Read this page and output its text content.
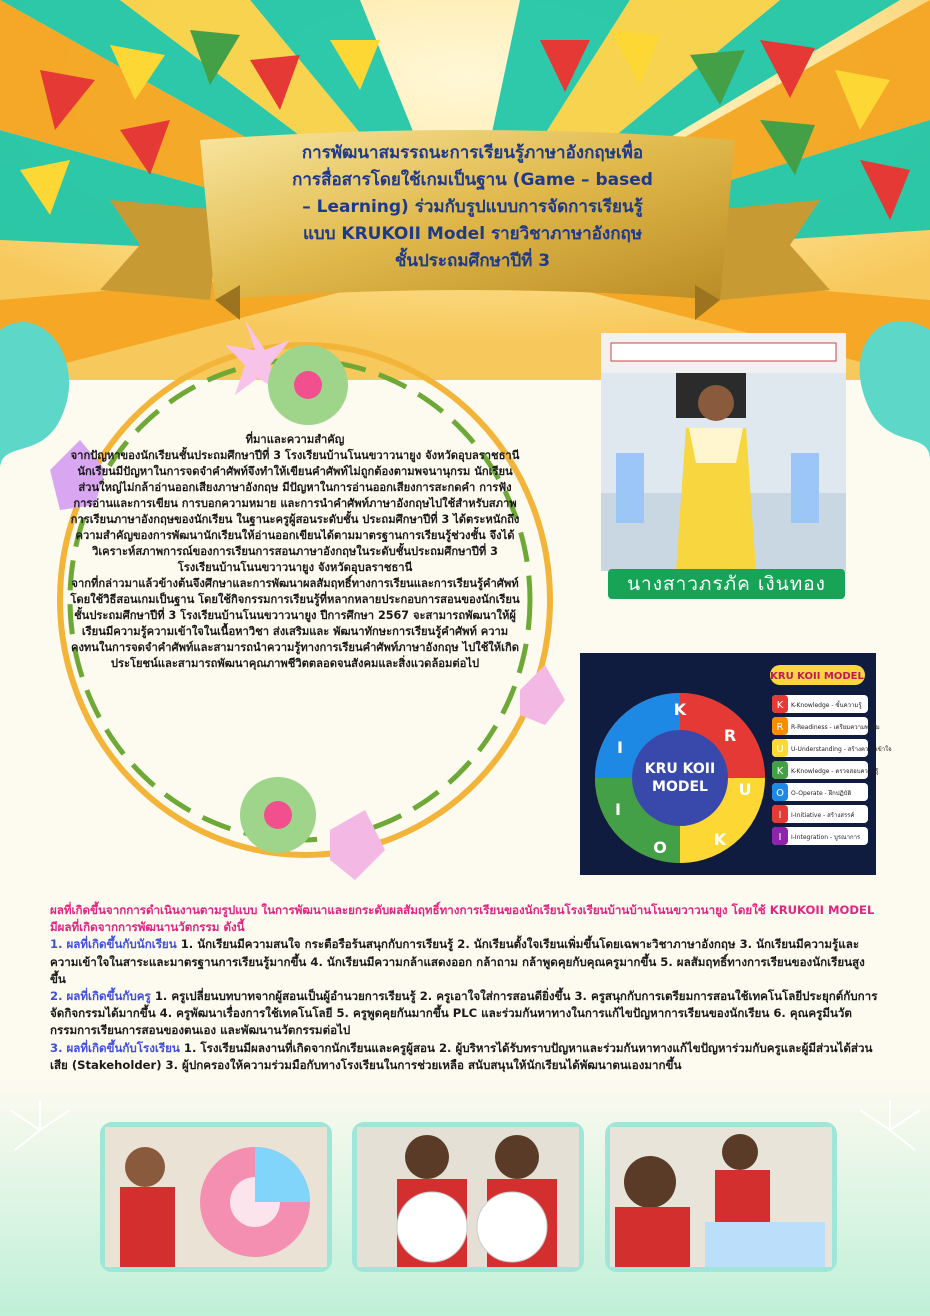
การพัฒนาสมรรถนะการเรียนรู้ภาษาอังกฤษเพื่อ
การสื่อสารโดยใช้เกมเป็นฐาน (Game – based
– Learning) ร่วมกับรูปแบบการจัดการเรียนรู้
แบบ KRUKOII Model รายวิชาภาษาอังกฤษ
ชั้นประถมศึกษาปีที่ 3
ที่มาและความสำคัญ

จากปัญหาของนักเรียนชั้นประถมศึกษาปีที่ 3 โรงเรียนบ้านโนนขวาวนายูง จังหวัดอุบลราชธานี นักเรียนมีปัญหาในการจดจำคำศัพท์จึงทำให้เขียนคำศัพท์ไม่ถูกต้องตามพจนานุกรม นักเรียนส่วนใหญ่ไม่กล้าอ่านออกเสียงภาษาอังกฤษ มีปัญหาในการอ่านออกเสียงการสะกดคำ การฟัง การอ่านและการเขียน การบอกความหมาย และการนำคำศัพท์ภาษาอังกฤษไปใช้สำหรับสภาพการเรียนภาษาอังกฤษของนักเรียน ในฐานะครูผู้สอนระดับชั้น ประถมศึกษาปีที่ 3 ได้ตระหนักถึงความสำคัญของการพัฒนานักเรียนให้อ่านออกเขียนได้ตามมาตรฐานการเรียนรู้ช่วงชั้น จึงได้วิเคราะห์สภาพการณ์ของการเรียนการสอนภาษาอังกฤษในระดับชั้นประถมศึกษาปีที่ 3 โรงเรียนบ้านโนนขวาวนายูง จังหวัดอุบลราชธานี

จากที่กล่าวมาแล้วข้างต้นจึงศึกษาและการพัฒนาผลสัมฤทธิ์ทางการเรียนและการเรียนรู้คำศัพท์ โดยใช้วิธีสอนเกมเป็นฐาน โดยใช้กิจกรรมการเรียนรู้ที่หลากหลายประกอบการสอนของนักเรียนชั้นประถมศึกษาปีที่ 3 โรงเรียนบ้านโนนขวาวนายูง ปีการศึกษา 2567 จะสามารถพัฒนาให้ผู้เรียนมีความรู้ความเข้าใจในเนื้อหาวิชา ส่งเสริมและ พัฒนาทักษะการเรียนรู้คำศัพท์ ความคงทนในการจดจำคำศัพท์และสามารถนำความรู้ทางการเรียนคำศัพท์ภาษาอังกฤษ ไปใช้ให้เกิดประโยชน์และสามารถพัฒนาคุณภาพชีวิตตลอดจนสังคมและสิ่งแวดล้อมต่อไป

นางสาวภรภัค เงินทอง
KRU KOII MODEL
KRU KOII
MODEL
K
R
U
K
O
I
I
K K-Knowledge - ขั้นความรู้
R R-Readiness - เตรียมความพร้อม
U U-Understanding - สร้างความเข้าใจ
K K-Knowledge - ตรวจสอบความรู้
O O-Operate - ฝึกปฏิบัติ
I I-Initiative - สร้างสรรค์
I I-Integration - บูรณาการ

ผลที่เกิดขึ้นจากการดำเนินงานตามรูปแบบ ในการพัฒนาและยกระดับผลสัมฤทธิ์ทางการเรียนของนักเรียนโรงเรียนบ้านบ้านโนนขวาวนายูง โดยใช้ KRUKOII MODEL มีผลที่เกิดจากการพัฒนานวัตกรรม ดังนี้

1. ผลที่เกิดขึ้นกับนักเรียน 1. นักเรียนมีความสนใจ กระตือรือร้นสนุกกับการเรียนรู้ 2. นักเรียนตั้งใจเรียนเพิ่มขึ้นโดยเฉพาะวิชาภาษาอังกฤษ 3. นักเรียนมีความรู้และความเข้าใจในสาระและมาตรฐานการเรียนรู้มากขึ้น 4. นักเรียนมีความกล้าแสดงออก กล้าถาม กล้าพูดคุยกับคุณครูมากขึ้น 5. ผลสัมฤทธิ์ทางการเรียนของนักเรียนสูงขึ้น

2. ผลที่เกิดขึ้นกับครู 1. ครูเปลี่ยนบทบาทจากผู้สอนเป็นผู้อำนวยการเรียนรู้ 2. ครูเอาใจใส่การสอนดียิ่งขึ้น 3. ครูสนุกกับการเตรียมการสอนใช้เทคโนโลยีประยุกต์กับการจัดกิจกรรมได้มากขึ้น 4. ครูพัฒนาเรื่องการใช้เทคโนโลยี 5. ครูพูดคุยกันมากขึ้น PLC และร่วมกันหาทางในการแก้ไขปัญหาการเรียนของนักเรียน 6. คุณครูมีนวัตกรรมการเรียนการสอนของตนเอง และพัฒนานวัตกรรมต่อไป

3. ผลที่เกิดขึ้นกับโรงเรียน 1. โรงเรียนมีผลงานที่เกิดจากนักเรียนและครูผู้สอน 2. ผู้บริหารได้รับทราบปัญหาและร่วมกันหาทางแก้ไขปัญหาร่วมกับครูและผู้มีส่วนได้ส่วนเสีย (Stakeholder) 3. ผู้ปกครองให้ความร่วมมือกับทางโรงเรียนในการช่วยเหลือ สนับสนุนให้นักเรียนได้พัฒนาตนเองมากขึ้น
